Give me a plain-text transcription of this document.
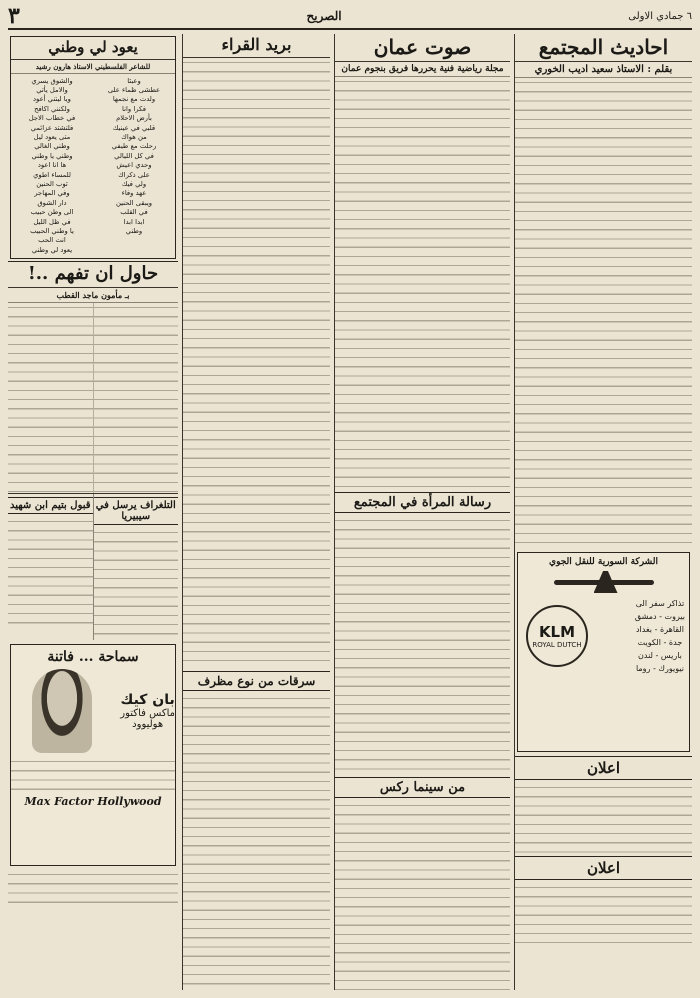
٦ جمادي الاولى
الصريح
٣
احاديث المجتمع
بقلم : الاستاذ سعيد اديب الخوري
الشركة السورية للنقل الجوي
تذاكر سفر الى
بيروت - دمشق
القاهرة - بغداد
جدة - الكويت
باريس - لندن
نيويورك - روما
KLM
ROYAL DUTCH
اعلان
اعلان
صوت عمان
مجلة رياضية فنية يحررها فريق بنجوم عمان
رسالة المرأة في المجتمع
من سينما ركس
بريد القراء
سرقات من نوع مظرف
يعود لي وطني
للشاعر الفلسطيني الاستاذ هارون رشيد
وعبثا
عطشى ظماء على
ولدت مع نجمها
فكرا وانا
بأرض الاحلام
قلبي في عينيك
من هواك
رحلت مع طيفي
في كل الليالي
وحدي اعيش
على ذكراك
ولي فيك
عهد وفاء
ويبقى الحنين
في القلب
ابدا ابدا
وطني
والشوق يسري
والامل يأتي
ويا ليتني أعود
ولكنني اكافح
في خطاب الاجل
فلتشتد عزائمي
متى يعود ليل
وطني الغالي
وطني يا وطني
ها انا اعود
للمساء اطوي
ثوب الحنين
وفي المهاجر
دار الشوق
الى وطن حبيب
في ظل الليل
يا وطني الحبيب
انت الحب
يعود لي وطني
حاول ان تفهم ..!
بـ مأمون ماجد القطب
التلغراف يرسل في سيبيريا
قبول بتيم ابن شهيد
سماحة ... فاتنة
بان كيك
ماكس فاكتور
هوليوود
Max Factor Hollywood
